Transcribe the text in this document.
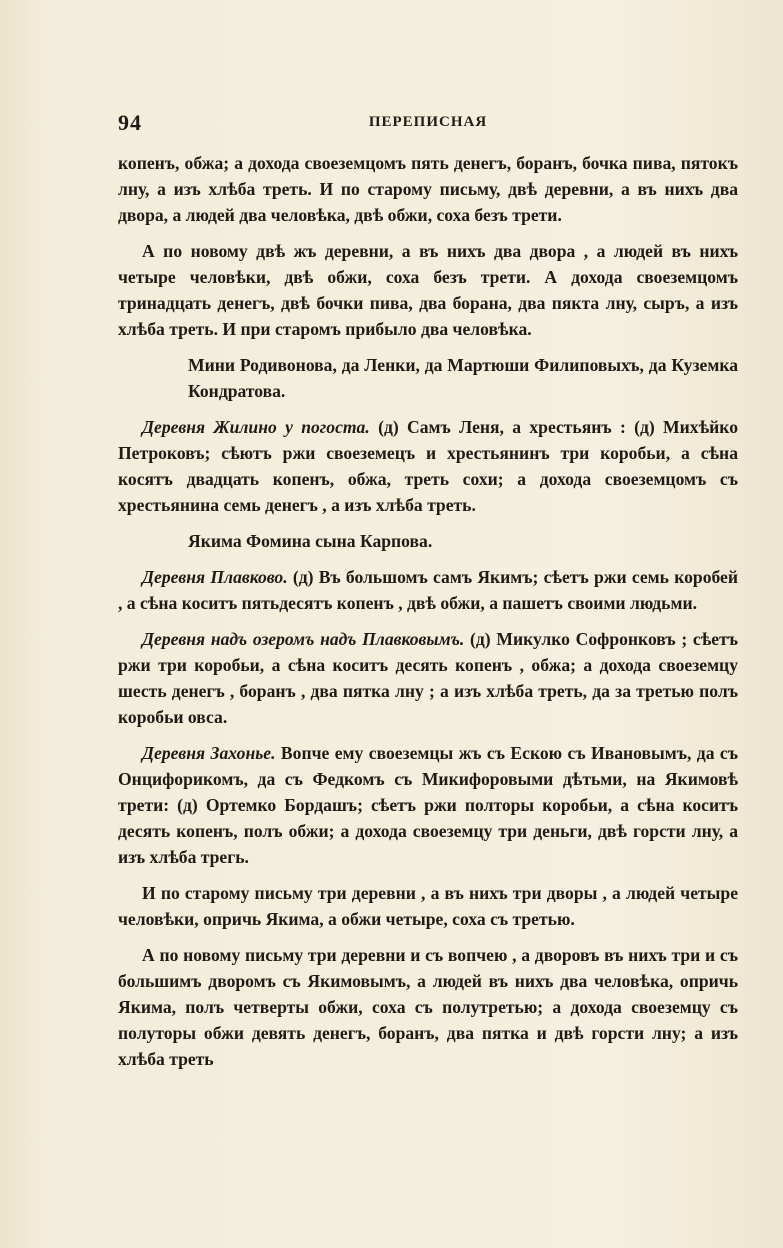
94	ПЕРЕПИСНАЯ

копенъ, обжа; а дохода своеземцомъ пять денегъ, боранъ, бочка пива, пятокъ лну, а изъ хлѣба треть. И по старому письму, двѣ деревни, а въ нихъ два двора, а людей два человѣка, двѣ обжи, соха безъ трети.

А по новому двѣ жъ деревни, а въ нихъ два двора , а людей въ нихъ четыре человѣки, двѣ обжи, соха безъ трети. А дохода своеземцомъ тринадцать денегъ, двѣ бочки пива, два борана, два пякта лну, сыръ, а изъ хлѣба треть. И при старомъ прибыло два человѣка.

Мини Родивонова, да Ленки, да Мартюши Филиповыхъ, да Куземка Кондратова.

Деревня Жилино у погоста. (д) Самъ Леня, а хрестьянъ : (д) Михѣйко Петроковъ; сѣютъ ржи своеземецъ и хрестьянинъ три коробьи, а сѣна косятъ двадцать копенъ, обжа, треть сохи; а дохода своеземцомъ съ хрестьянина семь денегъ , а изъ хлѣба треть.

Якима Фомина сына Карпова.

Деревня Плавково. (д) Въ большомъ самъ Якимъ; сѣетъ ржи семь коробей , а сѣна коситъ пятьдесятъ копенъ , двѣ обжи, а пашетъ своими людьми.

Деревня надъ озеромъ надъ Плавковымъ. (д) Микулко Софронковъ ; сѣетъ ржи три коробьи, а сѣна коситъ десять копенъ , обжа; а дохода своеземцу шесть денегъ , боранъ , два пятка лну ; а изъ хлѣба треть, да за третью полъ коробьи овса.

Деревня Захонье. Вопче ему своеземцы жъ съ Ескою съ Ивановымъ, да съ Онцифорикомъ, да съ Федкомъ съ Микифоровыми дѣтьми, на Якимовѣ трети: (д) Ортемко Бордашъ; сѣетъ ржи полторы коробьи, а сѣна коситъ десять копенъ, полъ обжи; а дохода своеземцу три деньги, двѣ горсти лну, а изъ хлѣба трегь.

И по старому письму три деревни , а въ нихъ три дворы , а людей четыре человѣки, опричь Якима, а обжи четыре, соха съ третью.

А по новому письму три деревни и съ вопчею , а дворовъ въ нихъ три и съ большимъ дворомъ съ Якимовымъ, а людей въ нихъ два человѣка, опричь Якима, полъ четверты обжи, соха съ полутретью; а дохода своеземцу съ полуторы обжи девять денегъ, боранъ, два пятка и двѣ горсти лну; а изъ хлѣба треть
